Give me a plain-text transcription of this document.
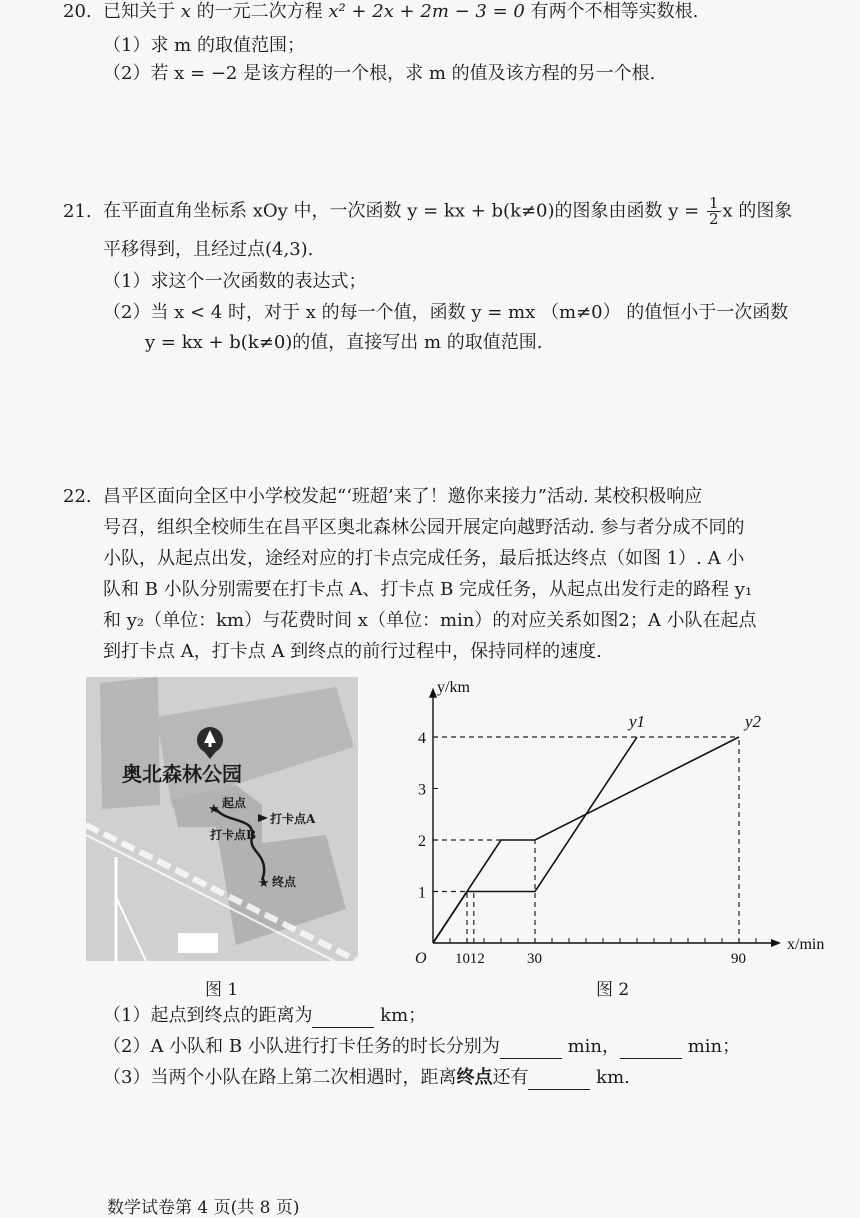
20. 已知关于 x 的一元二次方程 x² + 2x + 2m − 3 = 0 有两个不相等实数根.
（1）求 m 的取值范围；
（2）若 x = −2 是该方程的一个根，求 m 的值及该方程的另一个根.
21. 在平面直角坐标系 xOy 中，一次函数 y = kx + b(k≠0)的图象由函数 $y = \frac{1}{2}$ x 的图象
平移得到，且经过点(4,3).
（1）求这个一次函数的表达式；
（2）当 x < 4 时，对于 x 的每一个值，函数 y = mx （m≠0） 的值恒小于一次函数
y = kx + b(k≠0)的值，直接写出 m 的取值范围.
22. 昌平区面向全区中小学校发起“‘班超’来了！邀你来接力”活动. 某校积极响应
号召，组织全校师生在昌平区奥北森林公园开展定向越野活动. 参与者分成不同的
小队，从起点出发，途经对应的打卡点完成任务，最后抵达终点（如图 1）. A 小
队和 B 小队分别需要在打卡点 A、打卡点 B 完成任务，从起点出发行走的路程 y₁
和 y₂（单位：km）与花费时间 x（单位：min）的对应关系如图2；A 小队在起点
到打卡点 A，打卡点 A 到终点的前行过程中，保持同样的速度.
奥北森林公园
★ 起点
打卡点A
打卡点B
★ 终点
图 1
1
2
3
4
10 12	30	90
O
x/min
y/km
y1	y2
图 2
（1）起点到终点的距离为	km；
（2）A 小队和 B 小队进行打卡任务的时长分别为	min，	min；
（3）当两个小队在路上第二次相遇时，距离终点还有	km.
数学试卷第 4 页(共 8 页)
